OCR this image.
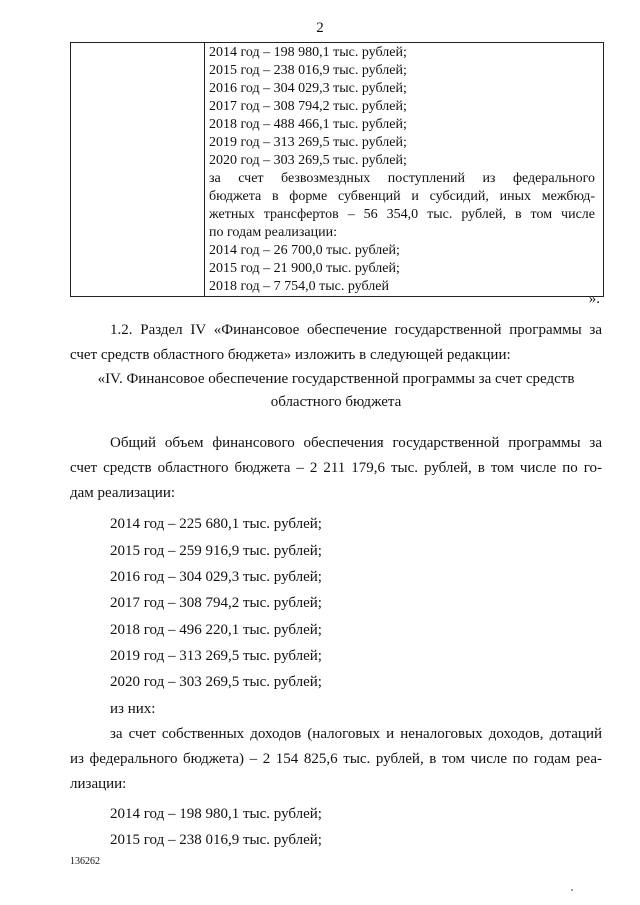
2

2014 год – 198 980,1 тыс. рублей;
2015 год – 238 016,9 тыс. рублей;
2016 год – 304 029,3 тыс. рублей;
2017 год – 308 794,2 тыс. рублей;
2018 год – 488 466,1 тыс. рублей;
2019 год – 313 269,5 тыс. рублей;
2020 год – 303 269,5 тыс. рублей;
за счет безвозмездных поступлений из федерального
бюджета в форме субвенций и субсидий, иных межбюд-
жетных трансфертов – 56 354,0 тыс. рублей, в том числе
по годам реализации:
2014 год – 26 700,0 тыс. рублей;
2015 год – 21 900,0 тыс. рублей;
2018 год – 7 754,0 тыс. рублей
».
1.2. Раздел IV «Финансовое обеспечение государственной программы за
счет средств областного бюджета» изложить в следующей редакции:
«IV. Финансовое обеспечение государственной программы за счет средств
областного бюджета
Общий объем финансового обеспечения государственной программы за
счет средств областного бюджета – 2 211 179,6 тыс. рублей, в том числе по го-
дам реализации:
2014 год – 225 680,1 тыс. рублей;
2015 год – 259 916,9 тыс. рублей;
2016 год – 304 029,3 тыс. рублей;
2017 год – 308 794,2 тыс. рублей;
2018 год – 496 220,1 тыс. рублей;
2019 год – 313 269,5 тыс. рублей;
2020 год – 303 269,5 тыс. рублей;
из них:
за счет собственных доходов (налоговых и неналоговых доходов, дотаций
из федерального бюджета) – 2 154 825,6 тыс. рублей, в том числе по годам реа-
лизации:
2014 год – 198 980,1 тыс. рублей;
2015 год – 238 016,9 тыс. рублей;
136262
